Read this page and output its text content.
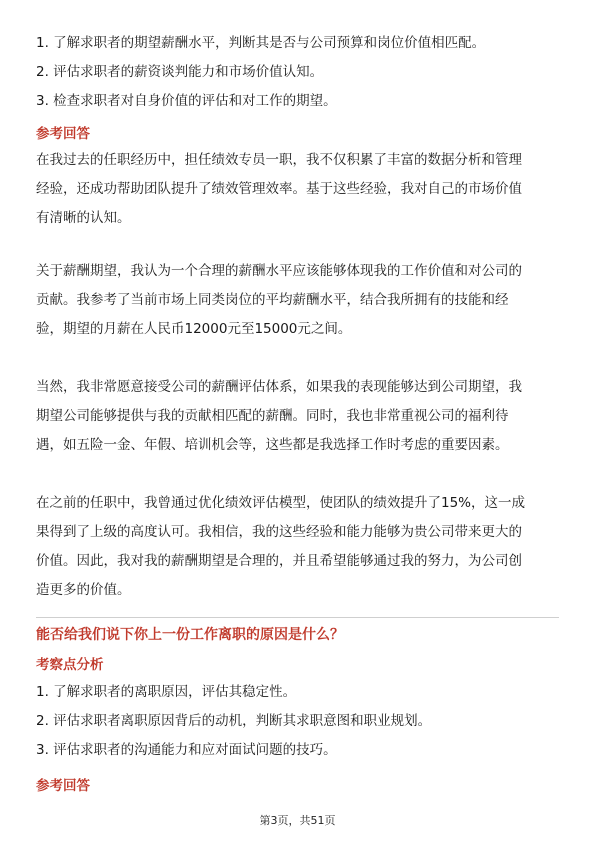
1. 了解求职者的期望薪酬水平，判断其是否与公司预算和岗位价值相匹配。
2. 评估求职者的薪资谈判能力和市场价值认知。
3. 检查求职者对自身价值的评估和对工作的期望。
参考回答
在我过去的任职经历中，担任绩效专员一职，我不仅积累了丰富的数据分析和管理
经验，还成功帮助团队提升了绩效管理效率。基于这些经验，我对自己的市场价值
有清晰的认知。
关于薪酬期望，我认为一个合理的薪酬水平应该能够体现我的工作价值和对公司的
贡献。我参考了当前市场上同类岗位的平均薪酬水平，结合我所拥有的技能和经
验，期望的月薪在人民币12000元至15000元之间。
当然，我非常愿意接受公司的薪酬评估体系，如果我的表现能够达到公司期望，我
期望公司能够提供与我的贡献相匹配的薪酬。同时，我也非常重视公司的福利待
遇，如五险一金、年假、培训机会等，这些都是我选择工作时考虑的重要因素。
在之前的任职中，我曾通过优化绩效评估模型，使团队的绩效提升了15%，这一成
果得到了上级的高度认可。我相信，我的这些经验和能力能够为贵公司带来更大的
价值。因此，我对我的薪酬期望是合理的，并且希望能够通过我的努力，为公司创
造更多的价值。
能否给我们说下你上一份工作离职的原因是什么？
考察点分析
1. 了解求职者的离职原因，评估其稳定性。
2. 评估求职者离职原因背后的动机，判断其求职意图和职业规划。
3. 评估求职者的沟通能力和应对面试问题的技巧。
参考回答
第3页，共51页
